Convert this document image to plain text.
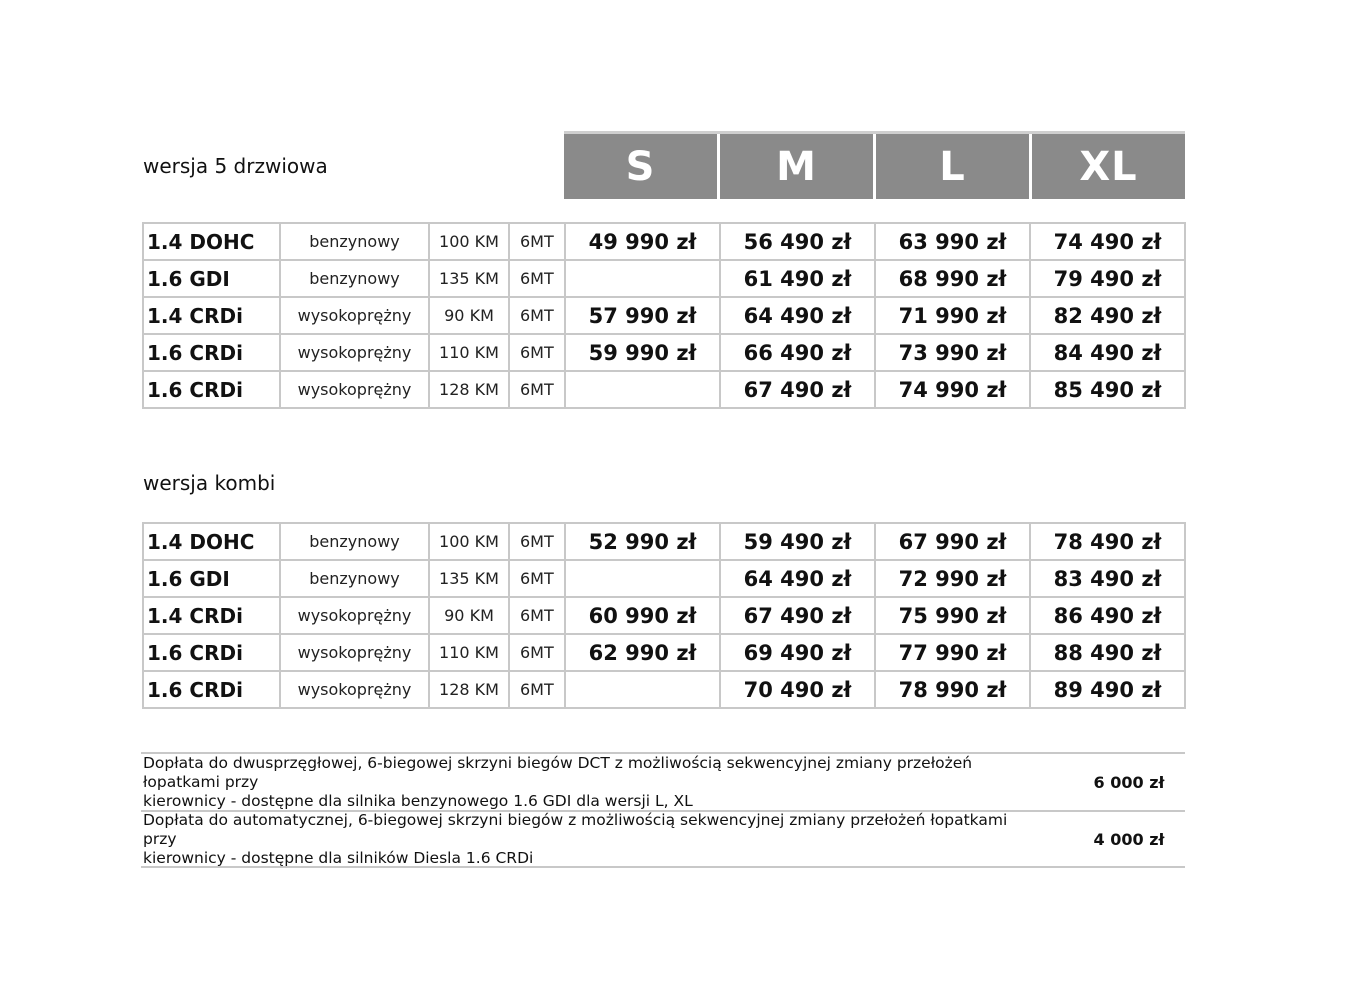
wersja 5 drzwiowa	S	M	L	XL
1.4 DOHC	benzynowy	100 KM	6MT	49 990 zł	56 490 zł	63 990 zł	74 490 zł
1.6 GDI	benzynowy	135 KM	6MT		61 490 zł	68 990 zł	79 490 zł
1.4 CRDi	wysokoprężny	90 KM	6MT	57 990 zł	64 490 zł	71 990 zł	82 490 zł
1.6 CRDi	wysokoprężny	110 KM	6MT	59 990 zł	66 490 zł	73 990 zł	84 490 zł
1.6 CRDi	wysokoprężny	128 KM	6MT		67 490 zł	74 990 zł	85 490 zł
wersja kombi
1.4 DOHC	benzynowy	100 KM	6MT	52 990 zł	59 490 zł	67 990 zł	78 490 zł
1.6 GDI	benzynowy	135 KM	6MT		64 490 zł	72 990 zł	83 490 zł
1.4 CRDi	wysokoprężny	90 KM	6MT	60 990 zł	67 490 zł	75 990 zł	86 490 zł
1.6 CRDi	wysokoprężny	110 KM	6MT	62 990 zł	69 490 zł	77 990 zł	88 490 zł
1.6 CRDi	wysokoprężny	128 KM	6MT		70 490 zł	78 990 zł	89 490 zł
Dopłata do dwusprzęgłowej, 6-biegowej skrzyni biegów DCT z możliwością sekwencyjnej zmiany przełożeń łopatkami przy
kierownicy - dostępne dla silnika benzynowego 1.6 GDI dla wersji L, XL
6 000 zł
Dopłata do automatycznej, 6-biegowej skrzyni biegów z możliwością sekwencyjnej zmiany przełożeń łopatkami przy
kierownicy - dostępne dla silników Diesla 1.6 CRDi
4 000 zł
